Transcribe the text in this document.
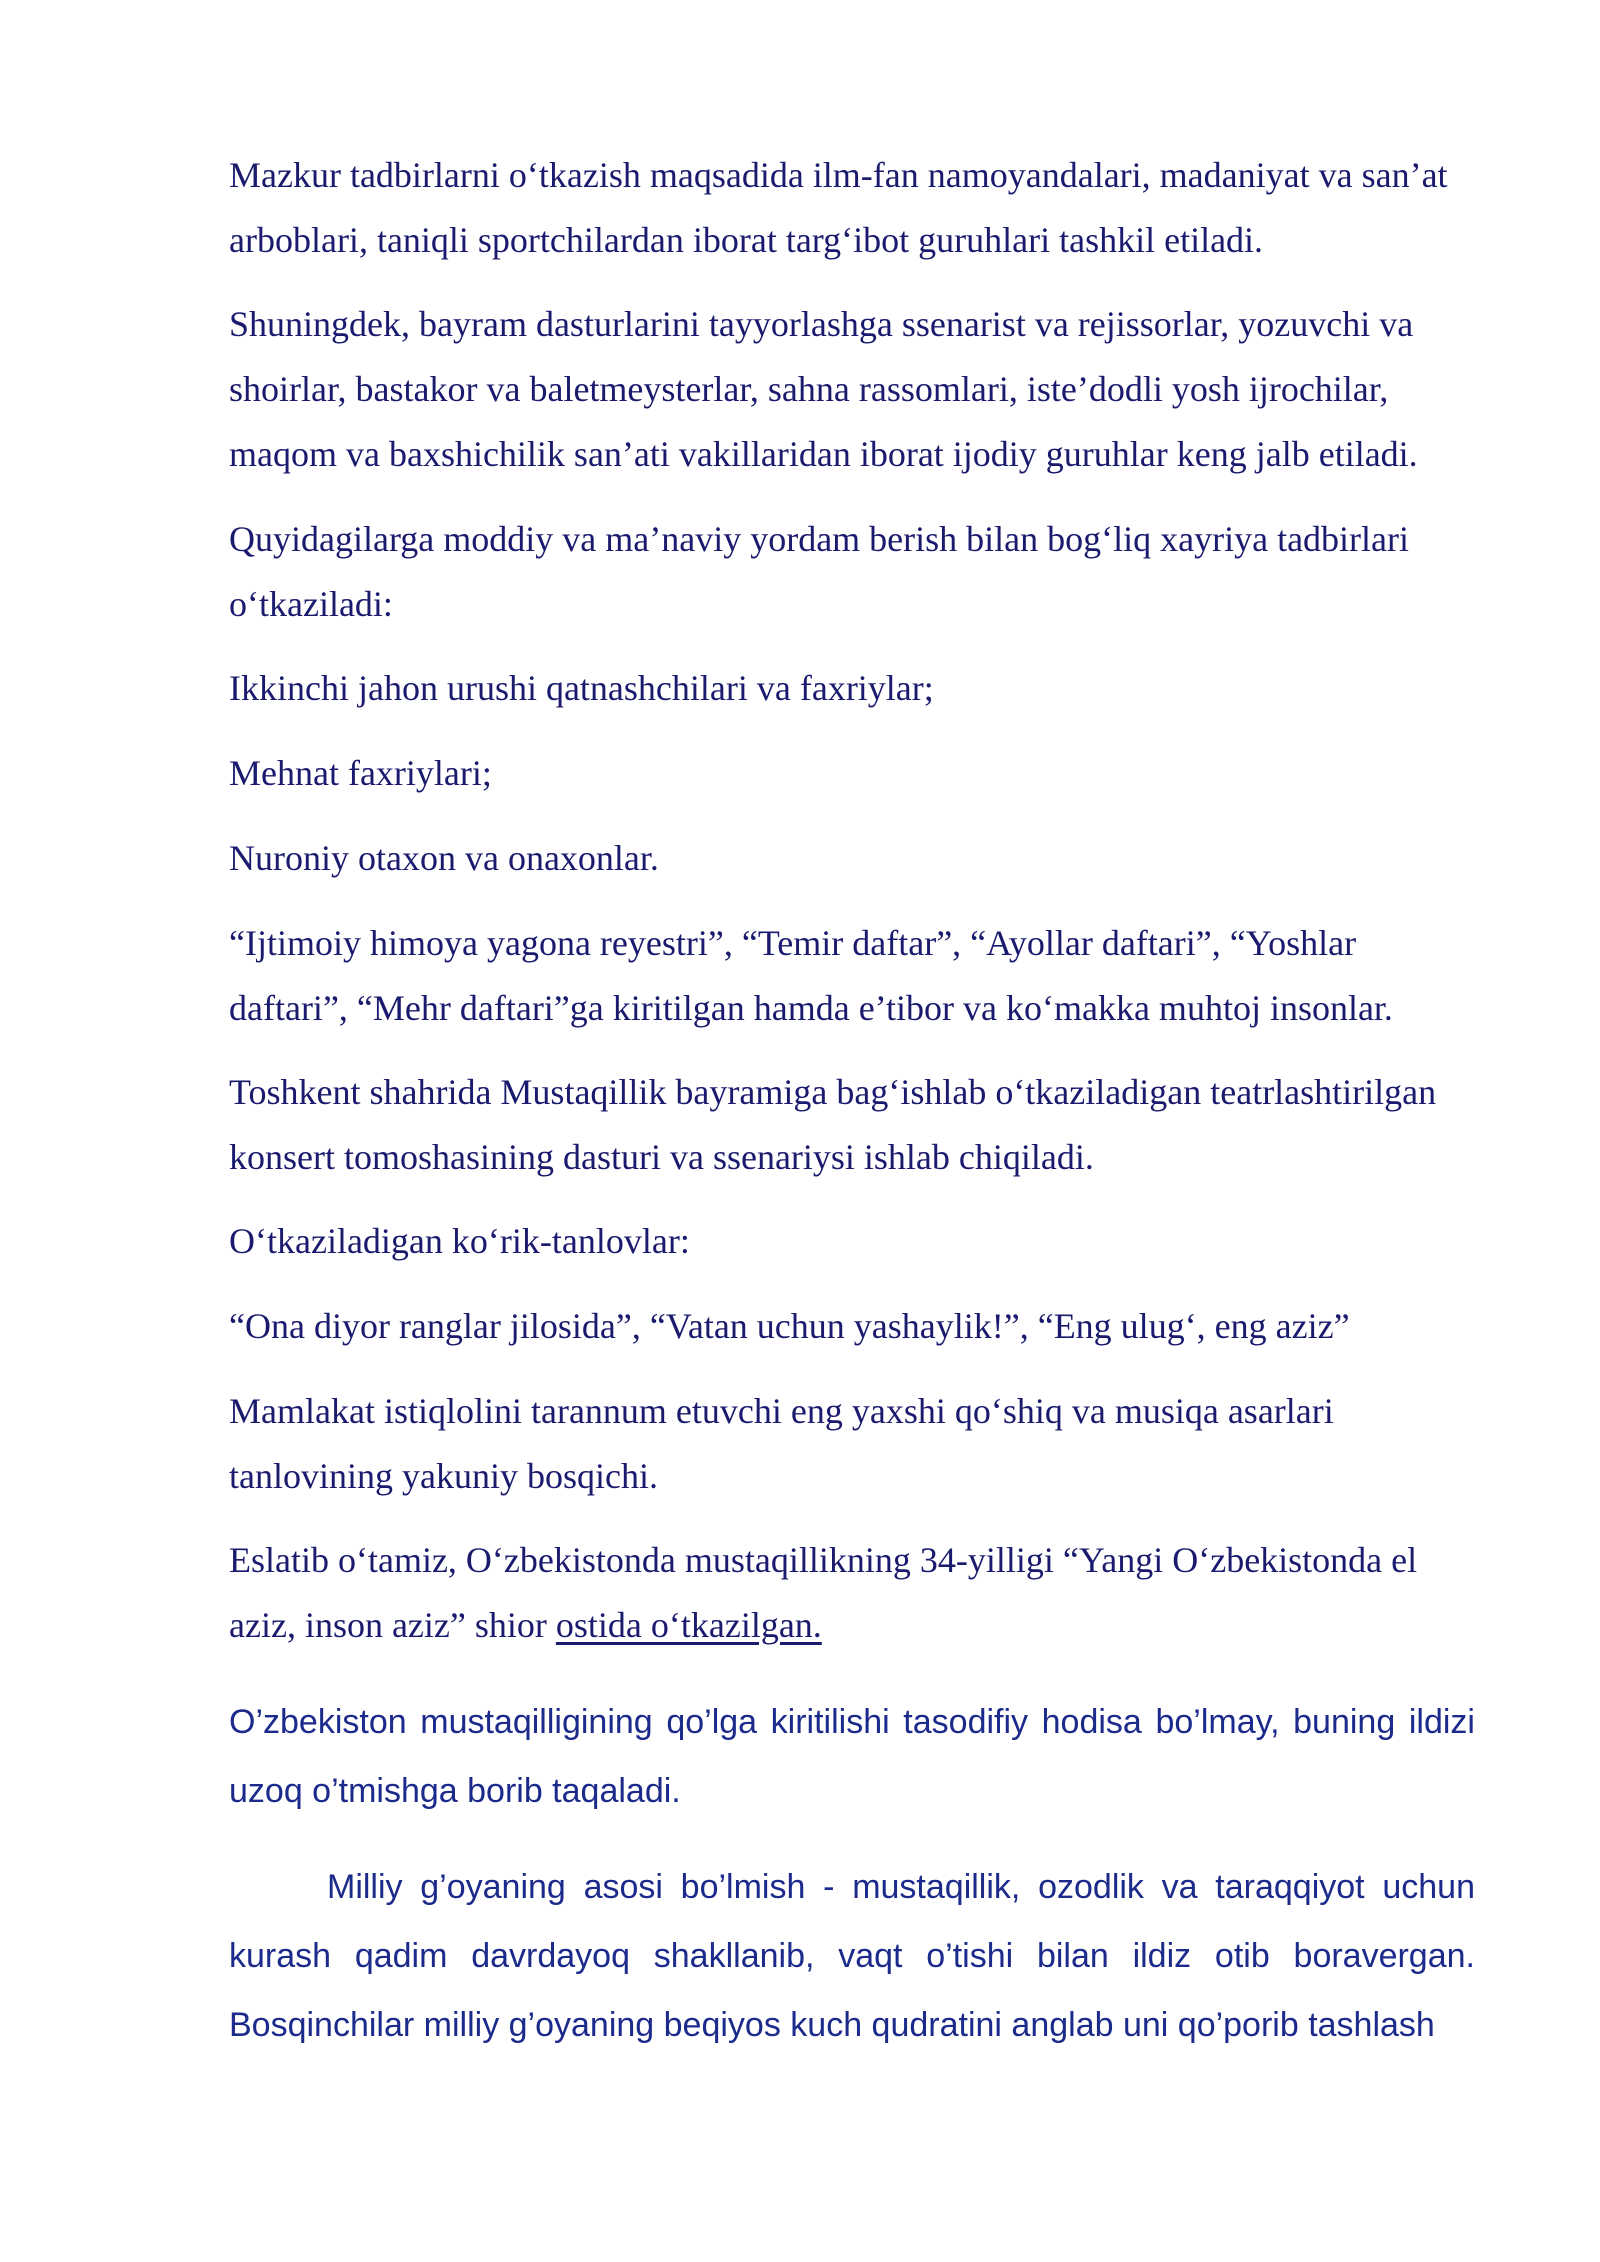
Mazkur tadbirlarni o‘tkazish maqsadida ilm-fan namoyandalari, madaniyat va san’at arboblari, taniqli sportchilardan iborat targ‘ibot guruhlari tashkil etiladi.

Shuningdek, bayram dasturlarini tayyorlashga ssenarist va rejissorlar, yozuvchi va shoirlar, bastakor va baletmeysterlar, sahna rassomlari, iste’dodli yosh ijrochilar, maqom va baxshichilik san’ati vakillaridan iborat ijodiy guruhlar keng jalb etiladi.

Quyidagilarga moddiy va ma’naviy yordam berish bilan bog‘liq xayriya tadbirlari o‘tkaziladi:

Ikkinchi jahon urushi qatnashchilari va faxriylar;

Mehnat faxriylari;

Nuroniy otaxon va onaxonlar.

“Ijtimoiy himoya yagona reyestri”, “Temir daftar”, “Ayollar daftari”, “Yoshlar daftari”, “Mehr daftari”ga kiritilgan hamda e’tibor va ko‘makka muhtoj insonlar.

Toshkent shahrida Mustaqillik bayramiga bag‘ishlab o‘tkaziladigan teatrlashtirilgan konsert tomoshasining dasturi va ssenariysi ishlab chiqiladi.

O‘tkaziladigan ko‘rik-tanlovlar:

“Ona diyor ranglar jilosida”, “Vatan uchun yashaylik!”, “Eng ulug‘, eng aziz”

Mamlakat istiqlolini tarannum etuvchi eng yaxshi qo‘shiq va musiqa asarlari tanlovining yakuniy bosqichi.

Eslatib o‘tamiz, O‘zbekistonda mustaqillikning 34-yilligi “Yangi O‘zbekistonda el aziz, inson aziz” shior ostida o‘tkazilgan.

O’zbekiston mustaqilligining qo’lga kiritilishi tasodifiy hodisa bo’lmay, buning ildizi uzoq o’tmishga borib taqaladi.

Milliy g’oyaning asosi bo’lmish - mustaqillik, ozodlik va taraqqiyot uchun kurash qadim davrdayoq shakllanib, vaqt o’tishi bilan ildiz otib boravergan. Bosqinchilar milliy g’oyaning beqiyos kuch qudratini anglab uni qo’porib tashlash
